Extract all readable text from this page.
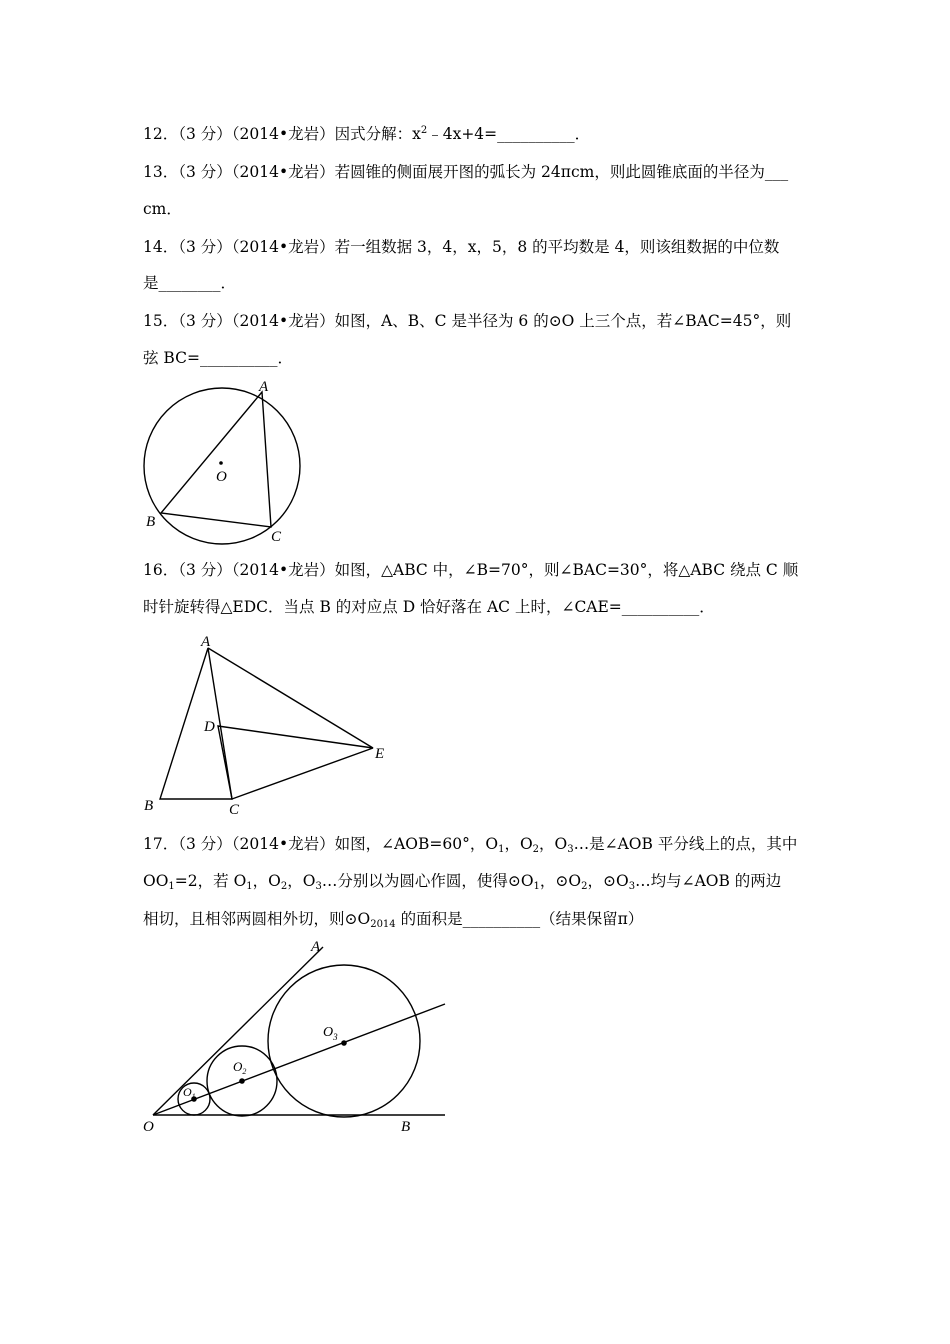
12．（3 分）（2014•龙岩）因式分解：$x^2﹣4x+4=\_\_\_\_\_\_\_\_\_\_$．
13．（3 分）（2014•龙岩）若圆锥的侧面展开图的弧长为 24πcm，则此圆锥底面的半径为___
cm．
14．（3 分）（2014•龙岩）若一组数据 3，4，x，5，8 的平均数是 4，则该组数据的中位数
是________．
15．（3 分）（2014•龙岩）如图，A、B、C 是半径为 6 的⊙O 上三个点，若∠BAC=45°，则
弦 BC=__________．
A
O
B
C
16．（3 分）（2014•龙岩）如图，△ABC 中，∠B=70°，则∠BAC=30°，将△ABC 绕点 C 顺
时针旋转得△EDC．当点 B 的对应点 D 恰好落在 AC 上时，∠CAE=__________．
A
D
E
B	C
17．（3 分）（2014•龙岩）如图，∠AOB=60°，$O_1$，$O_2$，$O_3\dots$是∠AOB 平分线上的点，其中
$OO_1=2$，若 $O_1$，$O_2$，$O_3\dots$分别以为圆心作圆，使得$⊙O_1$，$⊙O_2$，$⊙O_3\dots$均与∠AOB 的两边
相切，且相邻两圆相外切，则$⊙O_{2014}$ 的面积是__________（结果保留π）
A
O	B
$O_1$
$O_2$
$O_3$
